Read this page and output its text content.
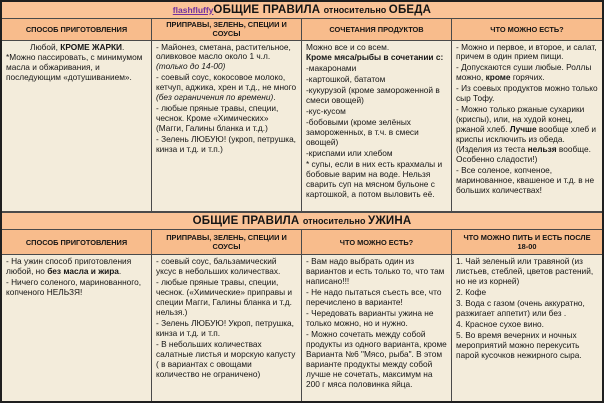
flashfluffy ОБЩИЕ ПРАВИЛА относительно ОБЕДА
СПОСОБ ПРИГОТОВЛЕНИЯ
ПРИПРАВЫ, ЗЕЛЕНЬ, СПЕЦИИ И СОУСЫ
СОЧЕТАНИЯ ПРОДУКТОВ	ЧТО МОЖНО ЕСТЬ?
Любой, КРОМЕ ЖАРКИ.
*Можно пассировать, с минимумом масла и обжаривания, и последующим «дотушиванием».
- Майонез, сметана, растительное, оливковое масло около 1 ч.л. (только до 14-00)
- соевый соус, кокосовое молоко, кетчуп, аджика, хрен и т.д., не много (без ограничения по времени).
- любые пряные травы, специи, чеснок. Кроме «Химических» (Магги, Галины бланка и т.д.)
- Зелень ЛЮБУЮ! (укроп, петрушка, кинза и т.д. и т.п.)
Можно все и со всем.
Кроме мяса/рыбы в сочетании с:
-макаронами
-картошкой, бататом
-кукурузой (кроме замороженной в смеси овощей)
-кус-кусом
-бобовыми (кроме зелёных замороженных, в т.ч. в смеси овощей)
-криспами или хлебом
* супы, если в них есть крахмалы и бобовые варим на воде. Нельзя сварить суп на мясном бульоне с картошкой, а потом выловить её.
- Можно и первое, и второе, и салат, причем в один прием пищи.
- Допускаются суши любые. Роллы можно, кроме горячих.
- Из соевых продуктов можно только сыр Тофу.
- Можно только ржаные сухарики (криспы), или, на худой конец, ржаной хлеб. Лучше вообще хлеб и криспы исключить из обеда. (Изделия из теста нельзя вообще. Особенно сладости!)
- Все соленое, копченое, маринованное, квашеное и т.д. в не больших количествах!
ОБЩИЕ ПРАВИЛА относительно УЖИНА
СПОСОБ ПРИГОТОВЛЕНИЯ
ПРИПРАВЫ, ЗЕЛЕНЬ, СПЕЦИИ И СОУСЫ
ЧТО МОЖНО ЕСТЬ?
ЧТО МОЖНО ПИТЬ И ЕСТЬ ПОСЛЕ 18-00
- На ужин способ приготовления любой, но без масла и жира.
- Ничего соленого, маринованного, копченого НЕЛЬЗЯ!
- соевый соус, бальзамический уксус в небольших количествах.
- любые пряные травы, специи, чеснок. («Химические» приправы и специи Магги, Галины бланка и т.д. нельзя.)
- Зелень ЛЮБУЮ! Укроп, петрушка, кинза и т.д. и т.п.
- В небольших количествах салатные листья и морскую капусту ( в вариантах с овощами количество не ограничено)
- Вам надо выбрать один из вариантов и есть только то, что там написано!!!
- Не надо пытаться съесть все, что перечислено в варианте!
- Чередовать варианты ужина не только можно, но и нужно.
- Можно сочетать между собой продукты из одного варианта, кроме Варианта №6 "Мясо, рыба". В этом варианте продукты между собой лучше не сочетать, максимум на 200 г мяса половинка яйца.
1. Чай зеленый или травяной (из листьев, стеблей, цветов растений, но не из корней)
2. Кофе
3. Вода с газом (очень аккуратно, разжигает аппетит) или без .
4. Красное сухое вино.
5. Во время вечерних и ночных мероприятий можно перекусить парой кусочков нежирного сыра.
